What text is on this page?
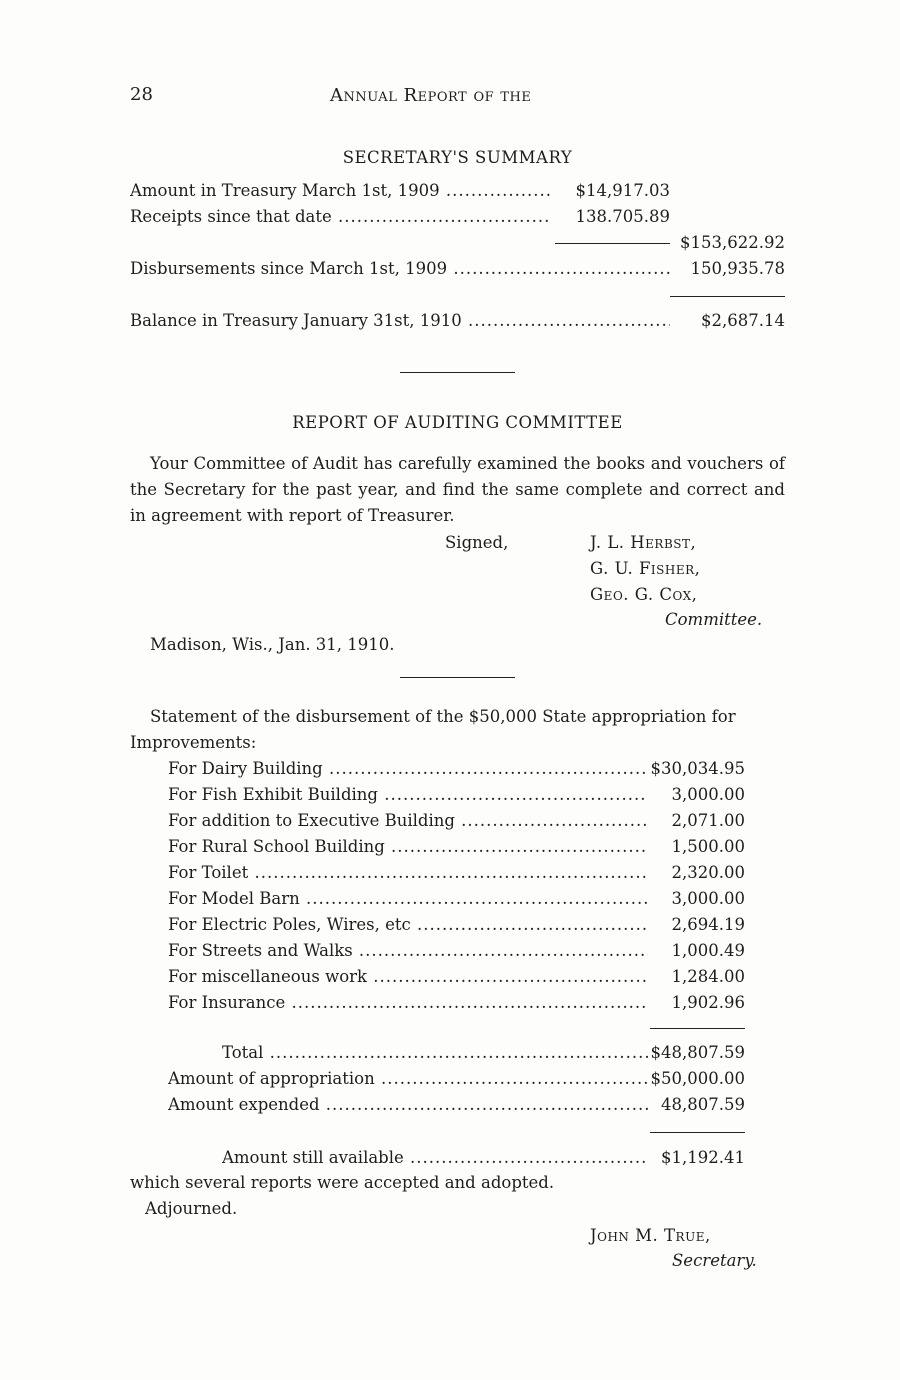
28	Annual Report of the
SECRETARY'S SUMMARY
Amount in Treasury March 1st, 1909 .....	$14,917.03
Receipts since that date .....	138.705.89
$153,622.92
Disbursements since March 1st, 1909 .....	150,935.78
Balance in Treasury January 31st, 1910 .....	$2,687.14
REPORT OF AUDITING COMMITTEE

Your Committee of Audit has carefully examined the books and vouchers of the Secretary for the past year, and find the same complete and correct and in agreement with report of Treasurer.

Signed,	J. L. Herbst,
G. U. Fisher,
Geo. G. Cox,
Committee.
Madison, Wis., Jan. 31, 1910.
Statement of the disbursement of the $50,000 State appropriation for
Improvements:
For Dairy Building .....	$30,034.95
For Fish Exhibit Building .....	3,000.00
For addition to Executive Building .....	2,071.00
For Rural School Building .....	1,500.00
For Toilet .....	2,320.00
For Model Barn .....	3,000.00
For Electric Poles, Wires, etc .....	2,694.19
For Streets and Walks .....	1,000.49
For miscellaneous work .....	1,284.00
For Insurance .....	1,902.96
Total .....	$48,807.59
Amount of appropriation .....	$50,000.00
Amount expended .....	48,807.59
Amount still available .....	$1,192.41
which several reports were accepted and adopted.
Adjourned.
John M. True,
Secretary.
